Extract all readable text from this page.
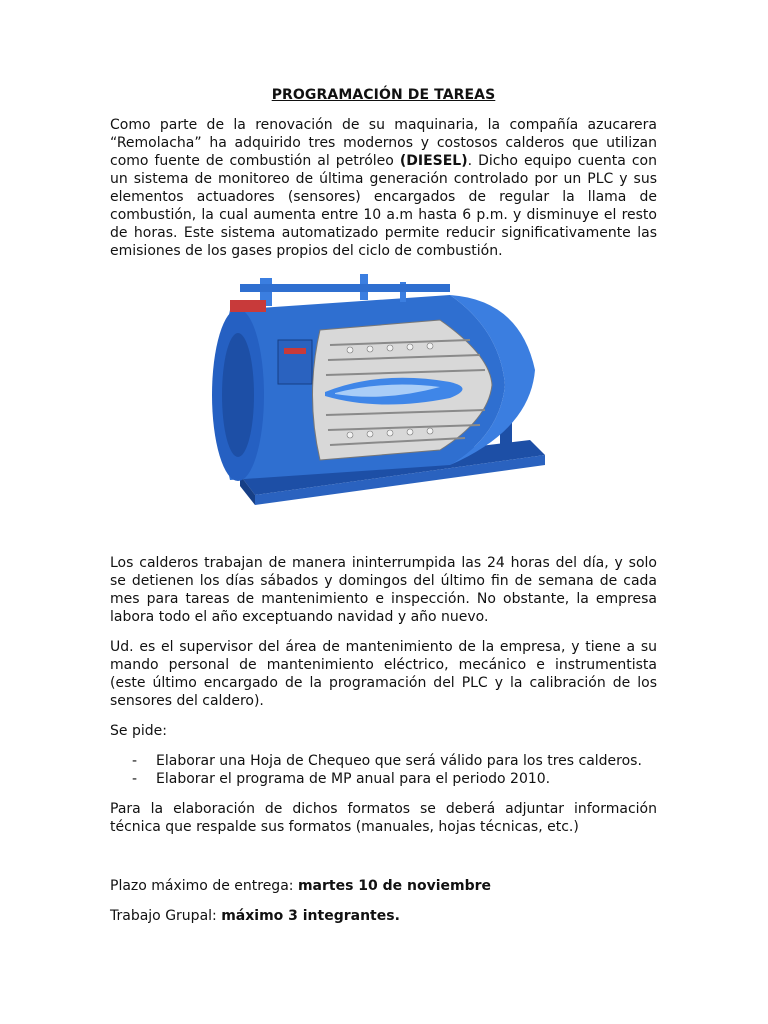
PROGRAMACIÓN DE TAREAS

Como parte de la renovación de su maquinaria, la compañía azucarera “Remolacha” ha adquirido tres modernos y costosos calderos que utilizan como fuente de combustión al petróleo (DIESEL). Dicho equipo cuenta con un sistema de monitoreo de última generación controlado por un PLC y sus elementos actuadores (sensores) encargados de regular la llama de combustión, la cual aumenta entre 10 a.m hasta 6 p.m. y disminuye el resto de horas. Este sistema automatizado permite reducir significativamente las emisiones de los gases propios del ciclo de combustión.

Los calderos trabajan de manera ininterrumpida las 24 horas del día, y solo se detienen los días sábados y domingos del último fin de semana de cada mes para tareas de mantenimiento e inspección. No obstante, la empresa labora todo el año exceptuando navidad y año nuevo.

Ud. es el supervisor del área de mantenimiento de la empresa, y tiene a su mando personal de mantenimiento eléctrico, mecánico e instrumentista (este último encargado de la programación del PLC y la calibración de los sensores del caldero).

Se pide:

- Elaborar una Hoja de Chequeo que será válido para los tres calderos.
- Elaborar el programa de MP anual para el periodo 2010.

Para la elaboración de dichos formatos se deberá adjuntar información técnica que respalde sus formatos (manuales, hojas técnicas, etc.)

Plazo máximo de entrega: martes 10 de noviembre

Trabajo Grupal: máximo 3 integrantes.
